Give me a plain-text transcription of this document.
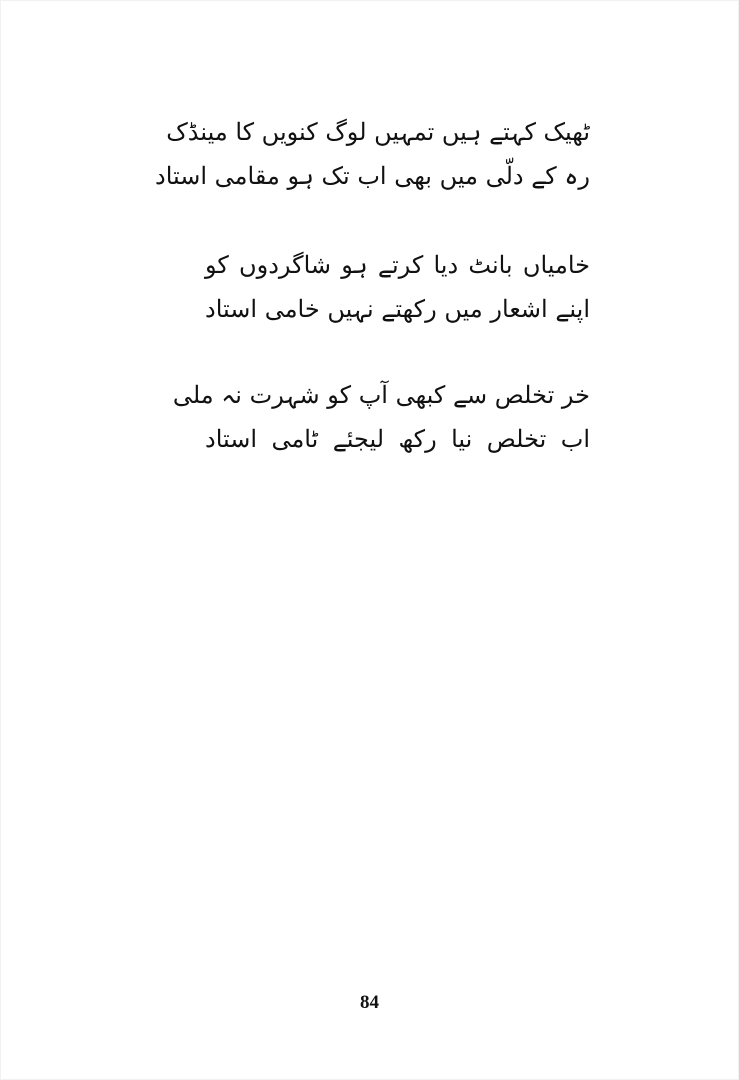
ٹھیک کہتے ہیں تمہیں لوگ کنویں کا مینڈک
رہ کے دلّی میں بھی اب تک ہو مقامی استاد
خامیاں بانٹ دیا کرتے ہو شاگردوں کو
اپنے اشعار میں رکھتے نہیں خامی استاد
خر تخلص سے کبھی آپ کو شہرت نہ ملی
اب تخلص نیا رکھ لیجئے ٹامی استاد
84
